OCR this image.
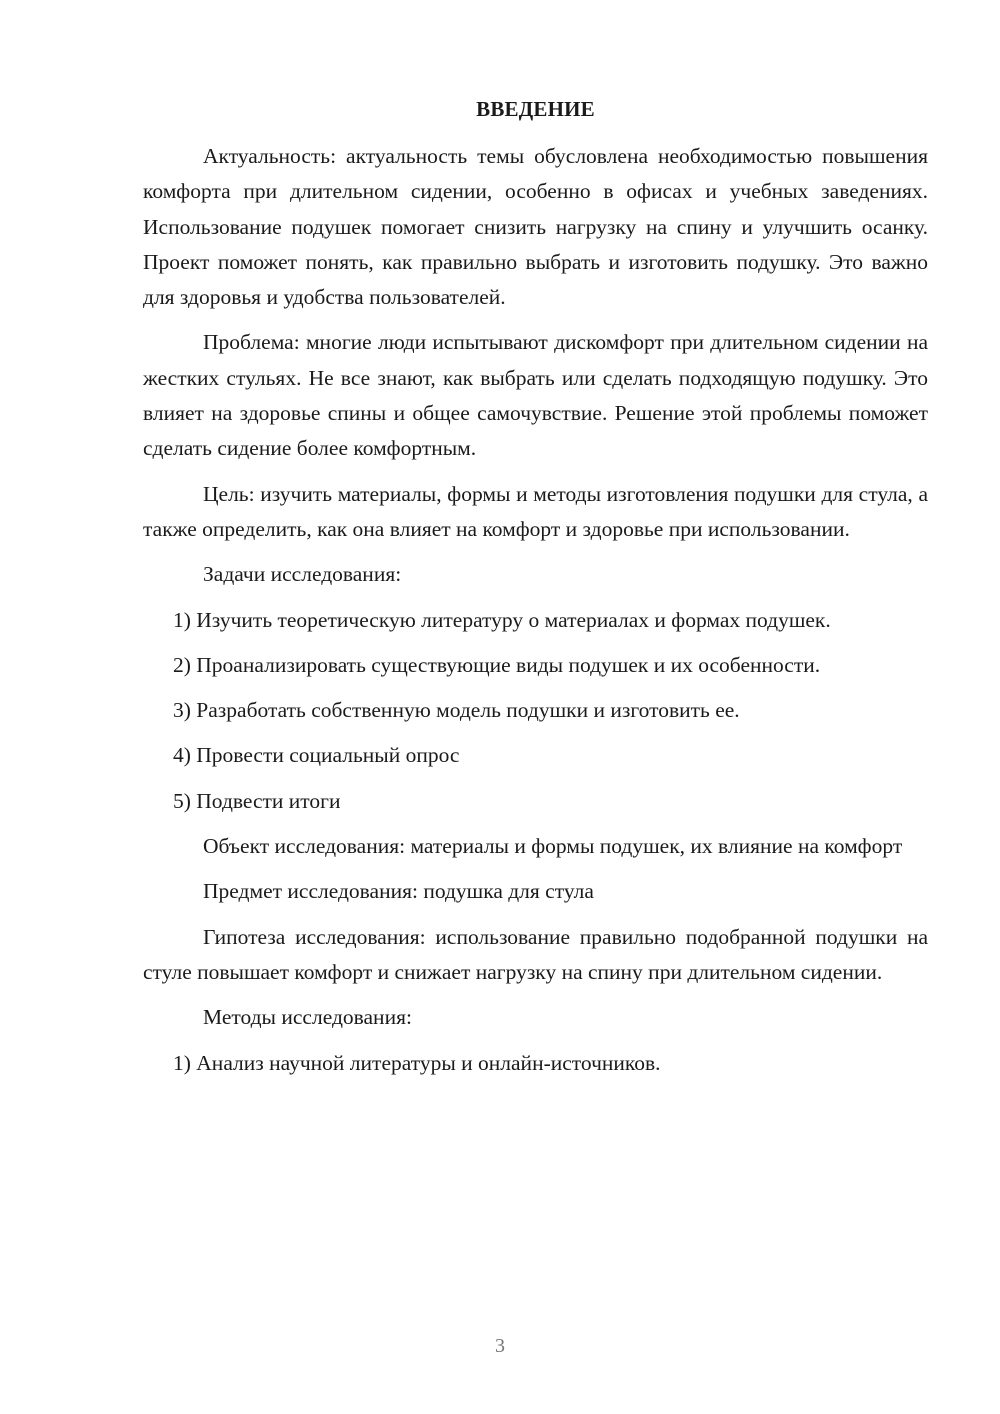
ВВЕДЕНИЕ

Актуальность: актуальность темы обусловлена необходимостью повышения комфорта при длительном сидении, особенно в офисах и учебных заведениях. Использование подушек помогает снизить нагрузку на спину и улучшить осанку. Проект поможет понять, как правильно выбрать и изготовить подушку. Это важно для здоровья и удобства пользователей.

Проблема: многие люди испытывают дискомфорт при длительном сидении на жестких стульях. Не все знают, как выбрать или сделать подходящую подушку. Это влияет на здоровье спины и общее самочувствие. Решение этой проблемы поможет сделать сидение более комфортным.

Цель: изучить материалы, формы и методы изготовления подушки для стула, а также определить, как она влияет на комфорт и здоровье при использовании.

Задачи исследования:

1) Изучить теоретическую литературу о материалах и формах подушек.

2) Проанализировать существующие виды подушек и их особенности.

3) Разработать собственную модель подушки и изготовить ее.

4) Провести социальный опрос

5) Подвести итоги

Объект исследования: материалы и формы подушек, их влияние на комфорт

Предмет исследования: подушка для стула

Гипотеза исследования: использование правильно подобранной подушки на стуле повышает комфорт и снижает нагрузку на спину при длительном сидении.

Методы исследования:

1) Анализ научной литературы и онлайн-источников.

3
